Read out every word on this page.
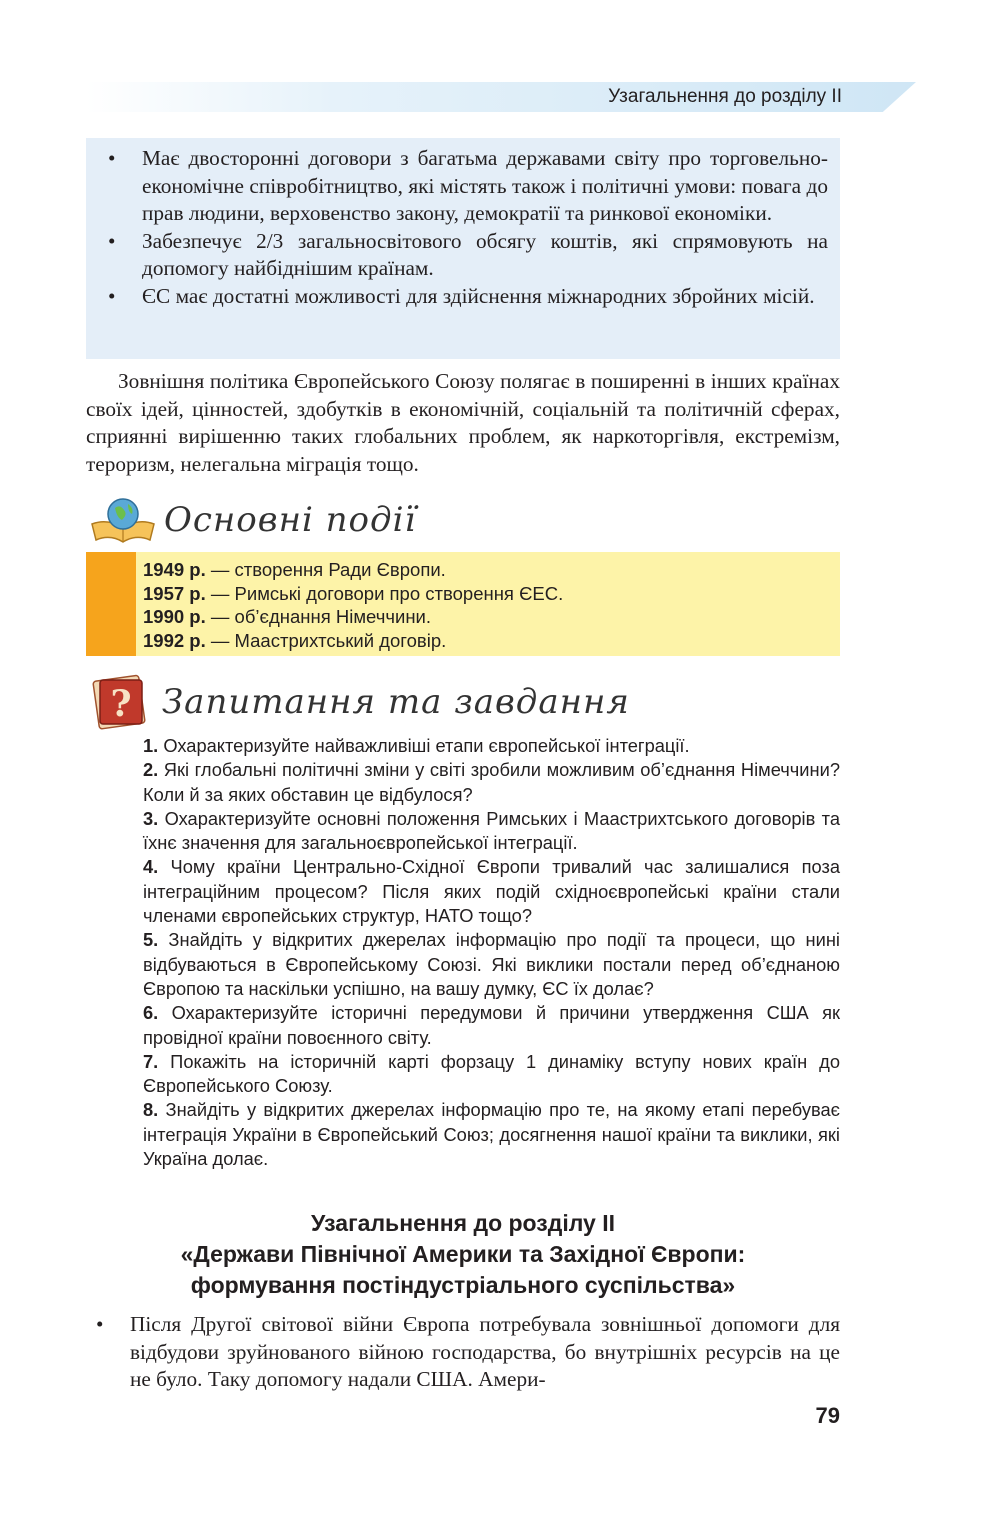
Узагальнення до розділу ІІ

• Має двосторонні договори з багатьма державами світу про торговельно-економічне співробітництво, які містять також і політичні умови: повага до прав людини, верховенство закону, демократії та ринкової економіки.
• Забезпечує 2/3 загальносвітового обсягу коштів, які спрямовують на допомогу найбіднішим країнам.
• ЄС має достатні можливості для здійснення міжнародних збройних місій.

Зовнішня політика Європейського Союзу полягає в поширенні в інших країнах своїх ідей, цінностей, здобутків в економічній, соціальній та політичній сферах, сприянні вирішенню таких глобальних проблем, як наркоторгівля, екстремізм, тероризм, нелегальна міграція тощо.

Основні події

1949 р. — створення Ради Європи.
1957 р. — Римські договори про створення ЄЕС.
1990 р. — об’єднання Німеччини.
1992 р. — Маастрихтський договір.
? Запитання та завдання

1. Охарактеризуйте найважливіші етапи європейської інтеграції.
2. Які глобальні політичні зміни у світі зробили можливим об’єднання Німеччини? Коли й за яких обставин це відбулося?
3. Охарактеризуйте основні положення Римських і Маастрихтського договорів та їхнє значення для загальноєвропейської інтеграції.
4. Чому країни Центрально-Східної Європи тривалий час залишалися поза інтеграційним процесом? Після яких подій східноєвропейські країни стали членами європейських структур, НАТО тощо?
5. Знайдіть у відкритих джерелах інформацію про події та процеси, що нині відбуваються в Європейському Союзі. Які виклики постали перед об’єднаною Європою та наскільки успішно, на вашу думку, ЄС їх долає?
6. Охарактеризуйте історичні передумови й причини утвердження США як провідної країни повоєнного світу.
7. Покажіть на історичній карті форзацу 1 динаміку вступу нових країн до Європейського Союзу.
8. Знайдіть у відкритих джерелах інформацію про те, на якому етапі перебуває інтеграція України в Європейський Союз; досягнення нашої країни та виклики, які Україна долає.
Узагальнення до розділу ІІ
«Держави Північної Америки та Західної Європи:
формування постіндустріального суспільства»
• Після Другої світової війни Європа потребувала зовнішньої допомоги для відбудови зруйнованого війною господарства, бо внутрішніх ресурсів на це не було. Таку допомогу надали США. Амери-

79
